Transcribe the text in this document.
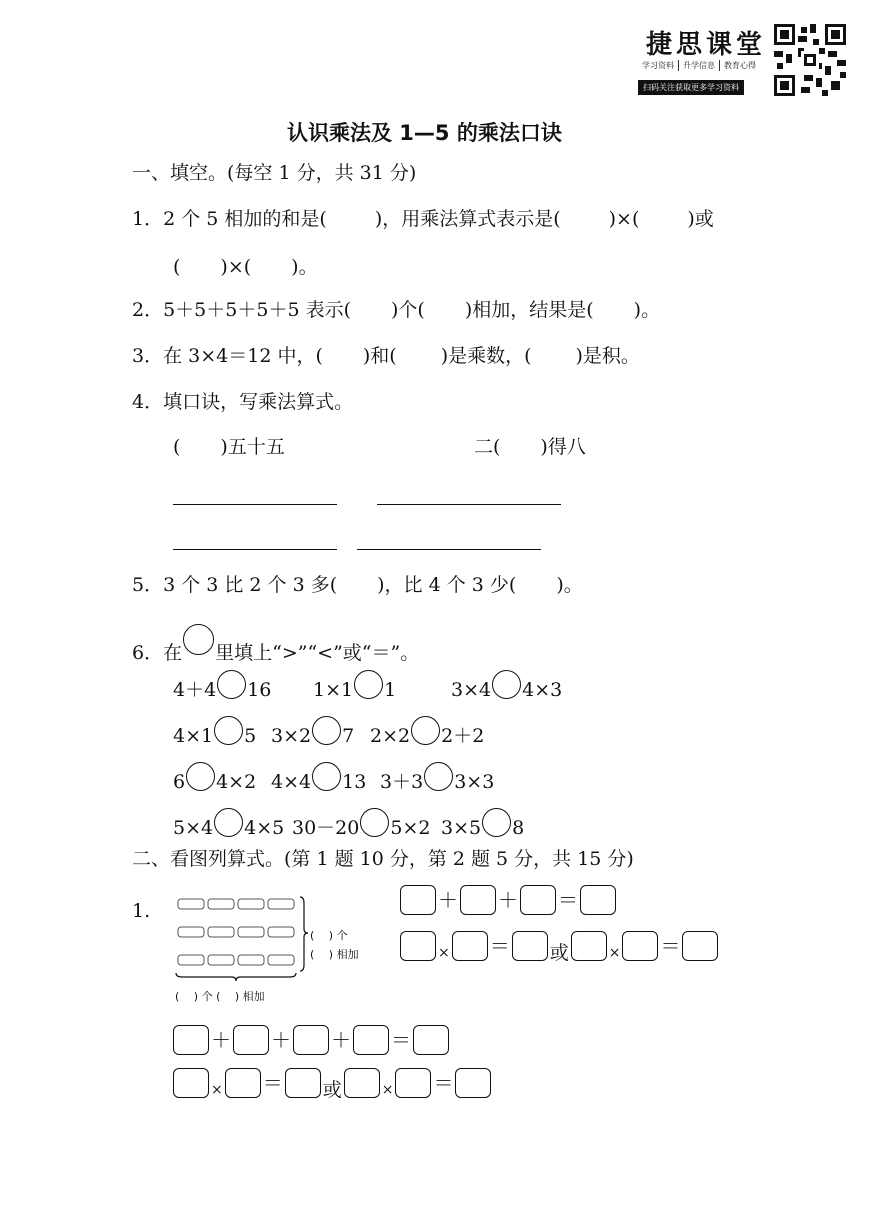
捷思课堂
学习资料	升学信息	教育心得
扫码关注获取更多学习资料
认识乘法及 1—5 的乘法口诀
一、填空。(每空 1 分，共 31 分)
1．2 个 5 相加的和是(	)，用乘法算式表示是(	)×(	)或
( )×( )。
2．5＋5＋5＋5＋5 表示( )个( )相加，结果是( )。
3．在 3×4＝12 中，( )和( )是乘数，( )是积。
4．填口诀，写乘法算式。
( )五十五	二( )得八
5．3 个 3 比 2 个 3 多( )，比 4 个 3 少( )。
6．在 里填上“>”“<”或“＝”。
4＋4 16 1×1 1	3×4 4×3
4×1 5 3×2 7 2×2 2＋2
6 4×2 4×4 13 3＋3 3×3
5×4 4×5 30－20 5×2 3×5 8
二、看图列算式。(第 1 题 10 分，第 2 题 5 分，共 15 分)
1.
(　 ) 个
(　 ) 相加
(　 ) 个 (　 ) 相加
＋ ＋ ＝
× ＝ 或	× ＝
＋ ＋ ＋ ＝
× ＝ 或	× ＝
